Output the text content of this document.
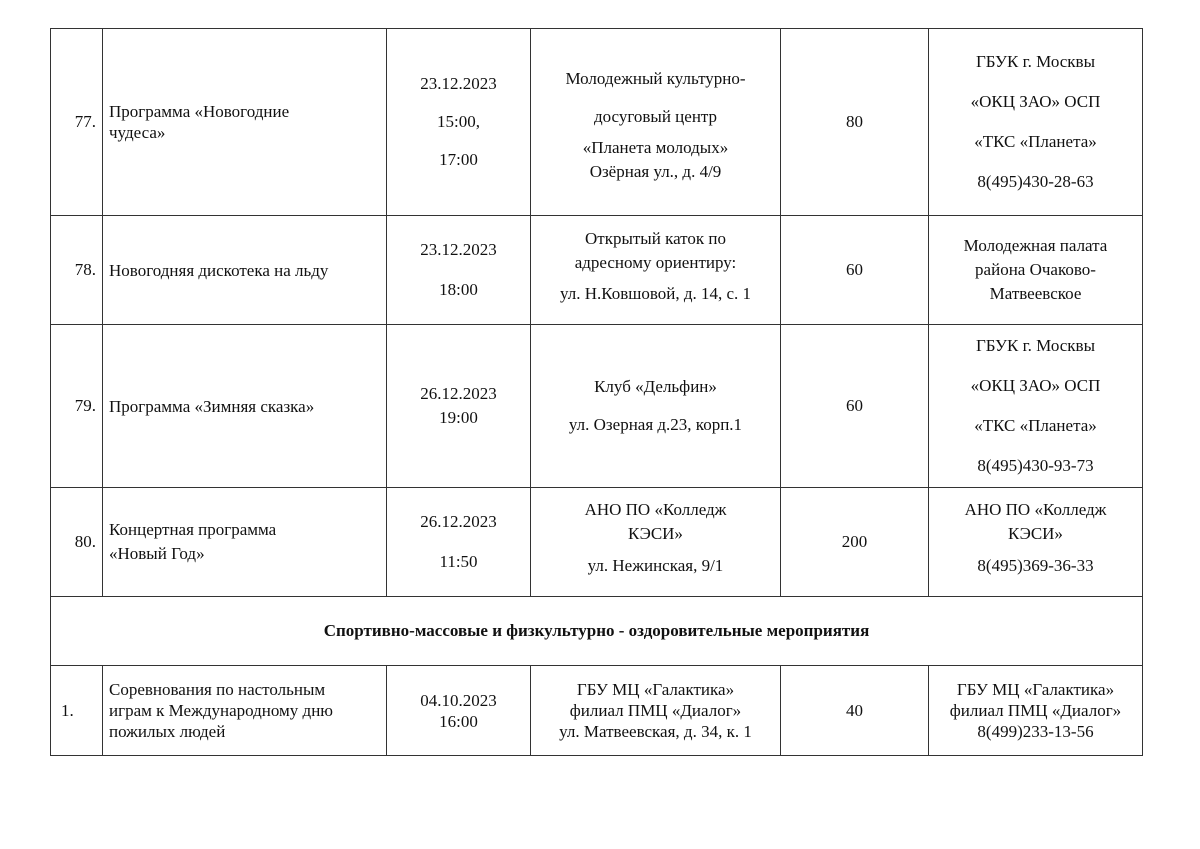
77.	Программа «Новогодние
чудеса»	23.12.2023
15:00,
17:00	Молодежный культурно-
досуговый центр
«Планета молодых»
Озёрная ул., д. 4/9	80	ГБУК г. Москвы
«ОКЦ ЗАО» ОСП
«ТКС «Планета»
8(495)430-28-63

78.	Новогодняя дискотека на льду	23.12.2023
18:00	Открытый каток по
адресному ориентиру:
ул. Н.Ковшовой, д. 14, с. 1	60	Молодежная палата
района Очаково-
Матвеевское

79.	Программа «Зимняя сказка»	26.12.2023
19:00	Клуб «Дельфин»
ул. Озерная д.23, корп.1	60	ГБУК г. Москвы
«ОКЦ ЗАО» ОСП
«ТКС «Планета»
8(495)430-93-73

80.	Концертная программа
«Новый Год»	26.12.2023
11:50	АНО ПО «Колледж
КЭСИ»
ул. Нежинская, 9/1	200	АНО ПО «Колледж
КЭСИ»
8(495)369-36-33

Спортивно-массовые и физкультурно - оздоровительные мероприятия					
1.	Соревнования по настольным
играм к Международному дню
пожилых людей	04.10.2023
16:00	ГБУ МЦ «Галактика»
филиал ПМЦ «Диалог»
ул. Матвеевская, д. 34, к. 1	40	ГБУ МЦ «Галактика»
филиал ПМЦ «Диалог»
8(499)233-13-56
